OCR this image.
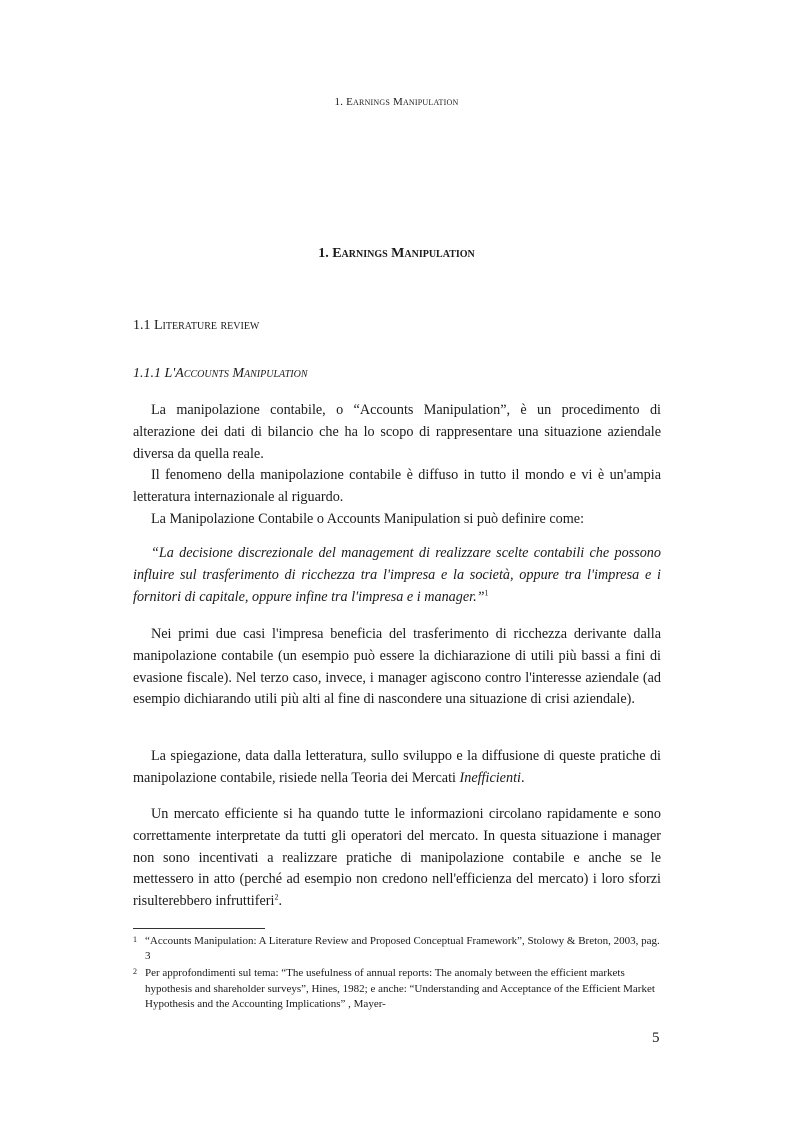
1. Earnings Manipulation
1. Earnings Manipulation
1.1 Literature review
1.1.1 L'Accounts Manipulation

La manipolazione contabile, o “Accounts Manipulation”, è un procedimento di alterazione dei dati di bilancio che ha lo scopo di rappresentare una situazione aziendale diversa da quella reale.

Il fenomeno della manipolazione contabile è diffuso in tutto il mondo e vi è un'ampia letteratura internazionale al riguardo.

La Manipolazione Contabile o Accounts Manipulation si può definire come:

“La decisione discrezionale del management di realizzare scelte contabili che possono influire sul trasferimento di ricchezza tra l'impresa e la società, oppure tra l'impresa e i fornitori di capitale, oppure infine tra l'impresa e i manager.”$^1$

Nei primi due casi l'impresa beneficia del trasferimento di ricchezza derivante dalla manipolazione contabile (un esempio può essere la dichiarazione di utili più bassi a fini di evasione fiscale). Nel terzo caso, invece, i manager agiscono contro l'interesse aziendale (ad esempio dichiarando utili più alti al fine di nascondere una situazione di crisi aziendale).

La spiegazione, data dalla letteratura, sullo sviluppo e la diffusione di queste pratiche di manipolazione contabile, risiede nella Teoria dei Mercati Inefficienti.

Un mercato efficiente si ha quando tutte le informazioni circolano rapidamente e sono correttamente interpretate da tutti gli operatori del mercato. In questa situazione i manager non sono incentivati a realizzare pratiche di manipolazione contabile e anche se le mettessero in atto (perché ad esempio non credono nell'efficienza del mercato) i loro sforzi risulterebbero infruttiferi$^2$.

1 “Accounts Manipulation: A Literature Review and Proposed Conceptual Framework”, Stolowy & Breton, 2003, pag. 3
2 Per approfondimenti sul tema: “The usefulness of annual reports: The anomaly between the efficient markets hypothesis and shareholder surveys”, Hines, 1982; e anche: “Understanding and Acceptance of the Efficient Market Hypothesis and the Accounting Implications” , Mayer-
5
